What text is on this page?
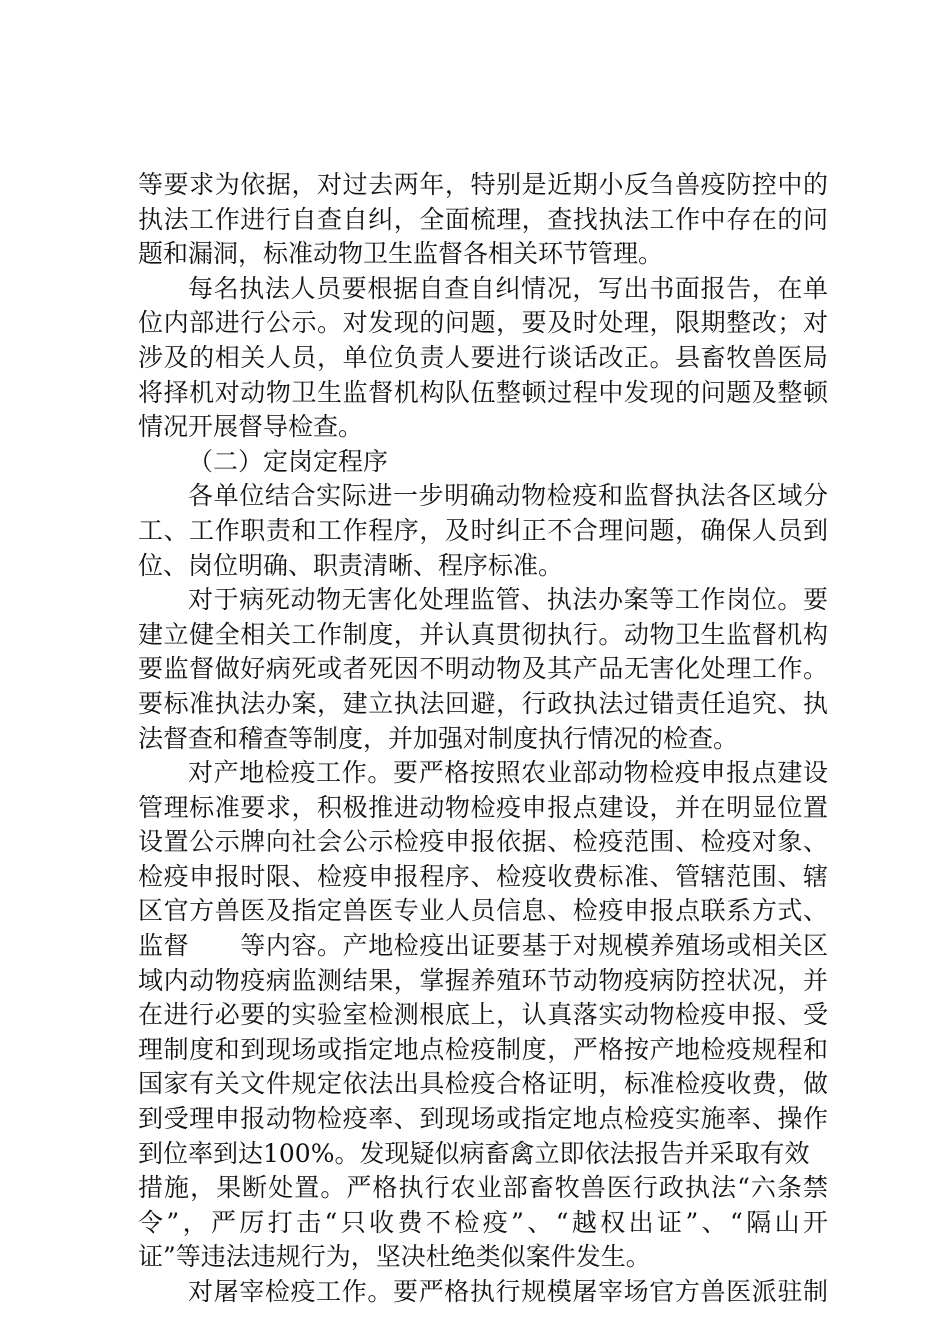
等要求为依据，对过去两年，特别是近期小反刍兽疫防控中的
执法工作进行自查自纠，全面梳理，查找执法工作中存在的问
题和漏洞，标准动物卫生监督各相关环节管理。
每名执法人员要根据自查自纠情况，写出书面报告，在单
位内部进行公示。对发现的问题，要及时处理，限期整改；对
涉及的相关人员，单位负责人要进行谈话改正。县畜牧兽医局
将择机对动物卫生监督机构队伍整顿过程中发现的问题及整顿
情况开展督导检查。
（二）定岗定程序
各单位结合实际进一步明确动物检疫和监督执法各区域分
工、工作职责和工作程序，及时纠正不合理问题，确保人员到
位、岗位明确、职责清晰、程序标准。
对于病死动物无害化处理监管、执法办案等工作岗位。要
建立健全相关工作制度，并认真贯彻执行。动物卫生监督机构
要监督做好病死或者死因不明动物及其产品无害化处理工作。
要标准执法办案，建立执法回避，行政执法过错责任追究、执
法督查和稽查等制度，并加强对制度执行情况的检查。
对产地检疫工作。要严格按照农业部动物检疫申报点建设
管理标准要求，积极推进动物检疫申报点建设，并在明显位置
设置公示牌向社会公示检疫申报依据、检疫范围、检疫对象、
检疫申报时限、检疫申报程序、检疫收费标准、管辖范围、辖
区官方兽医及指定兽医专业人员信息、检疫申报点联系方式、
监督　　等内容。产地检疫出证要基于对规模养殖场或相关区
域内动物疫病监测结果，掌握养殖环节动物疫病防控状况，并
在进行必要的实验室检测根底上，认真落实动物检疫申报、受
理制度和到现场或指定地点检疫制度，严格按产地检疫规程和
国家有关文件规定依法出具检疫合格证明，标准检疫收费，做
到受理申报动物检疫率、到现场或指定地点检疫实施率、操作
到位率到达100%。发现疑似病畜禽立即依法报告并采取有效
措施，果断处置。严格执行农业部畜牧兽医行政执法“六条禁
令”，严厉打击“只收费不检疫”、“越权出证”、“隔山开
证”等违法违规行为，坚决杜绝类似案件发生。
对屠宰检疫工作。要严格执行规模屠宰场官方兽医派驻制
